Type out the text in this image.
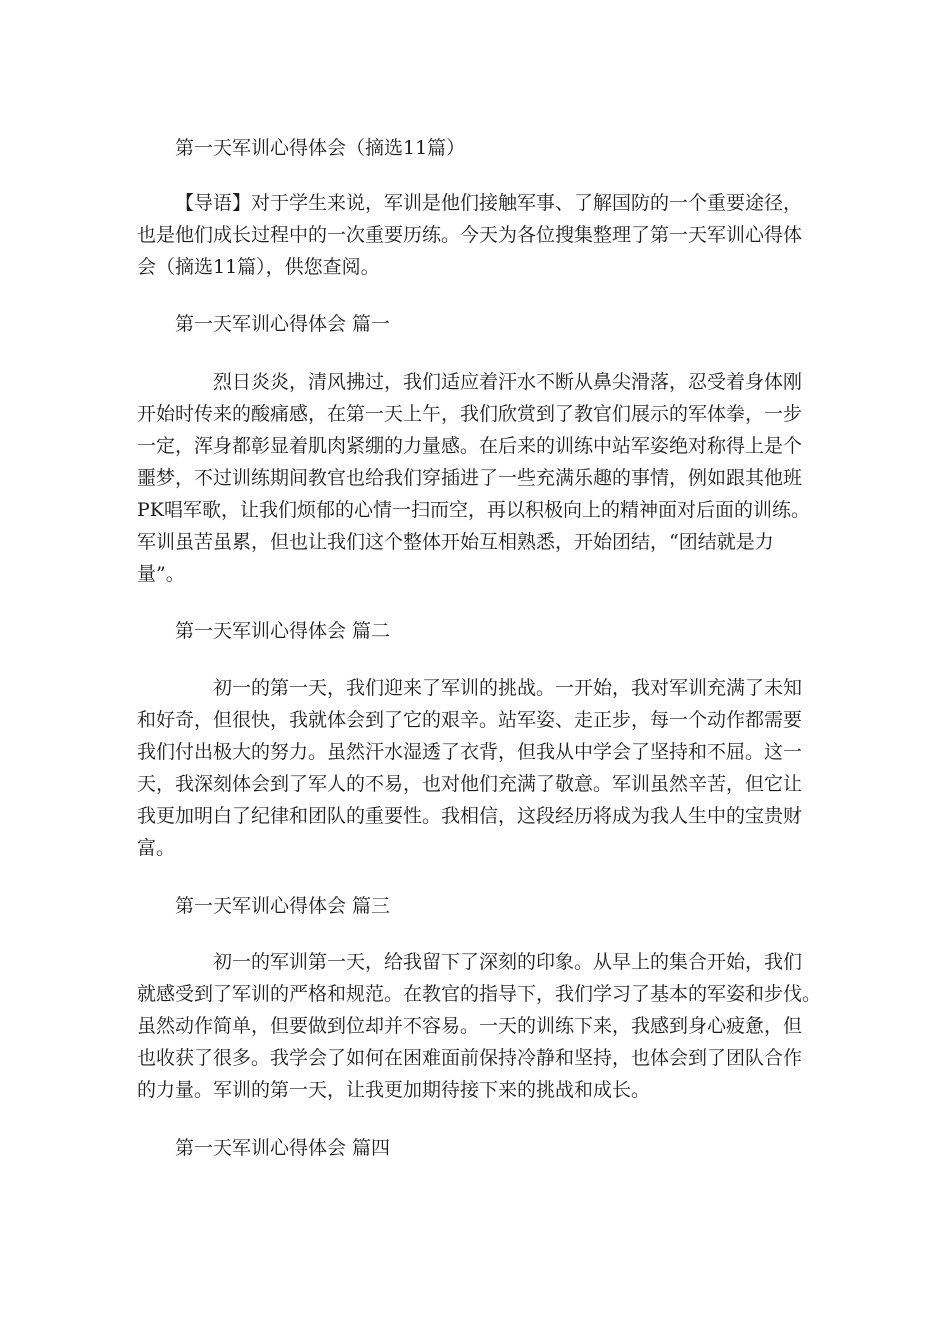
第一天军训心得体会（摘选11篇）
【导语】对于学生来说，军训是他们接触军事、了解国防的一个重要途径，
也是他们成长过程中的一次重要历练。今天为各位搜集整理了第一天军训心得体
会（摘选11篇），供您查阅。
第一天军训心得体会 篇一
烈日炎炎，清风拂过，我们适应着汗水不断从鼻尖滑落，忍受着身体刚
开始时传来的酸痛感，在第一天上午，我们欣赏到了教官们展示的军体拳，一步
一定，浑身都彰显着肌肉紧绷的力量感。在后来的训练中站军姿绝对称得上是个
噩梦，不过训练期间教官也给我们穿插进了一些充满乐趣的事情，例如跟其他班
PK唱军歌，让我们烦郁的心情一扫而空，再以积极向上的精神面对后面的训练。
军训虽苦虽累，但也让我们这个整体开始互相熟悉，开始团结，“团结就是力
量”。
第一天军训心得体会 篇二
初一的第一天，我们迎来了军训的挑战。一开始，我对军训充满了未知
和好奇，但很快，我就体会到了它的艰辛。站军姿、走正步，每一个动作都需要
我们付出极大的努力。虽然汗水湿透了衣背，但我从中学会了坚持和不屈。这一
天，我深刻体会到了军人的不易，也对他们充满了敬意。军训虽然辛苦，但它让
我更加明白了纪律和团队的重要性。我相信，这段经历将成为我人生中的宝贵财
富。
第一天军训心得体会 篇三
初一的军训第一天，给我留下了深刻的印象。从早上的集合开始，我们
就感受到了军训的严格和规范。在教官的指导下，我们学习了基本的军姿和步伐。
虽然动作简单，但要做到位却并不容易。一天的训练下来，我感到身心疲惫，但
也收获了很多。我学会了如何在困难面前保持冷静和坚持，也体会到了团队合作
的力量。军训的第一天，让我更加期待接下来的挑战和成长。
第一天军训心得体会 篇四
